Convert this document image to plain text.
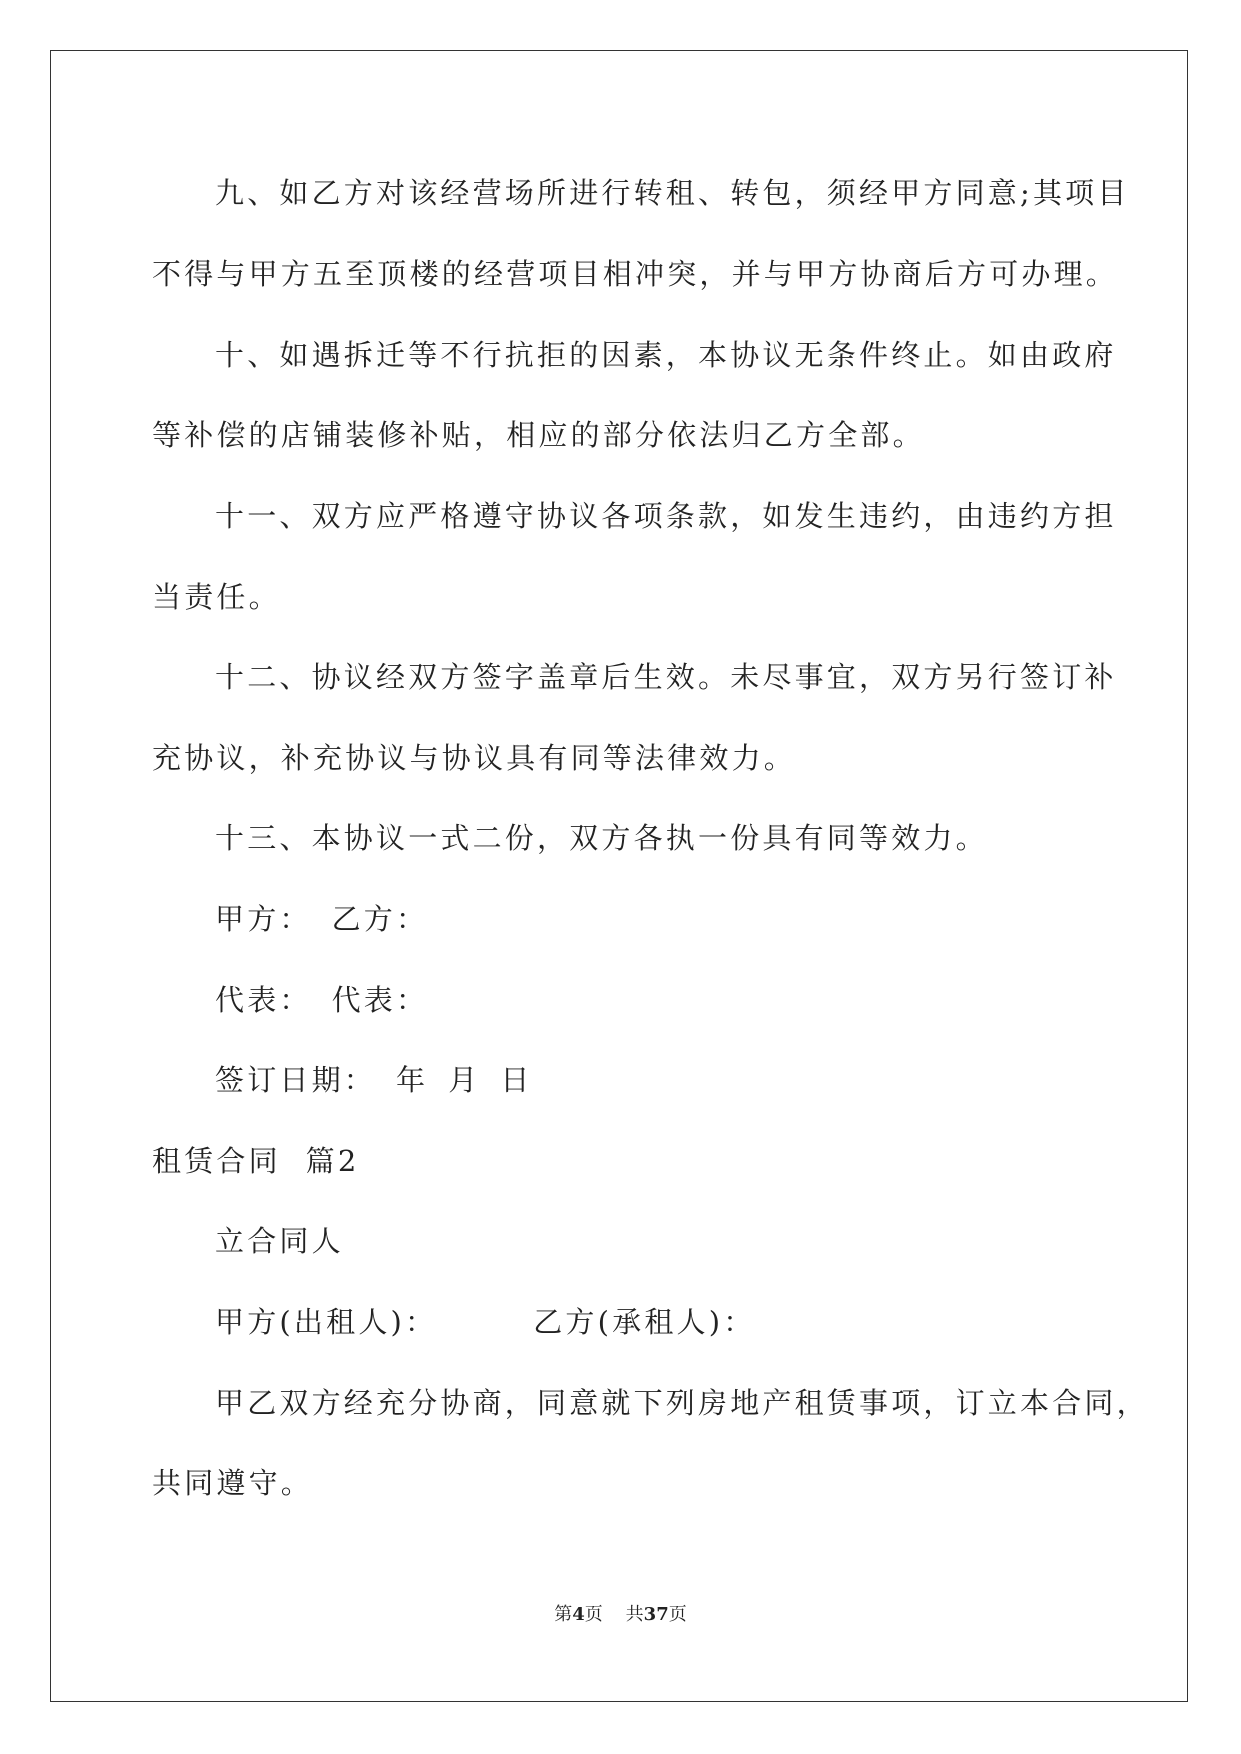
九、如乙方对该经营场所进行转租、转包，须经甲方同意;其项目
不得与甲方五至顶楼的经营项目相冲突，并与甲方协商后方可办理。
十、如遇拆迁等不行抗拒的因素，本协议无条件终止。如由政府
等补偿的店铺装修补贴，相应的部分依法归乙方全部。
十一、双方应严格遵守协议各项条款，如发生违约，由违约方担
当责任。
十二、协议经双方签字盖章后生效。未尽事宜，双方另行签订补
充协议，补充协议与协议具有同等法律效力。
十三、本协议一式二份，双方各执一份具有同等效力。
甲方： 乙方：
代表： 代表：
签订日期： 年 月 日
租赁合同  篇2
立合同人
甲方(出租人)：	乙方(承租人)：
甲乙双方经充分协商，同意就下列房地产租赁事项，订立本合同，
共同遵守。
第4页 共37页
